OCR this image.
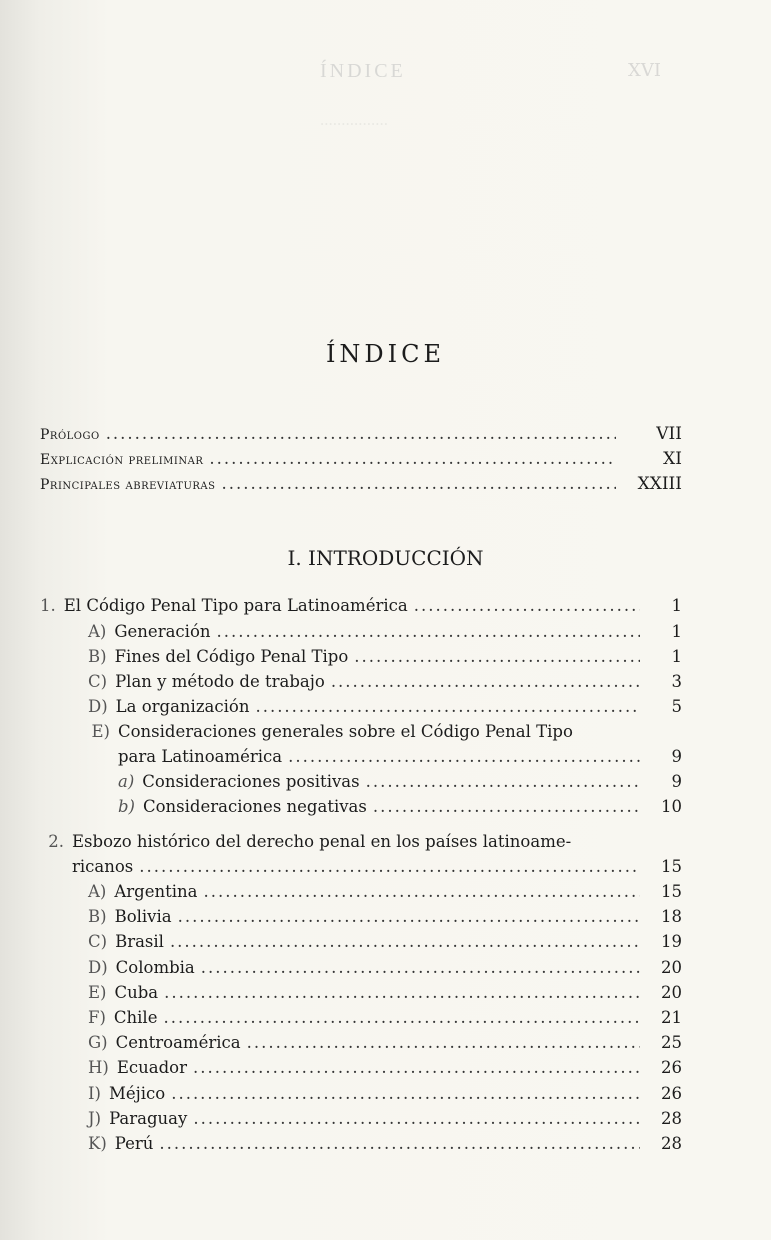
................
ÍNDICE	XVI
ÍNDICE
Prólogo .....	VII
Explicación preliminar .....	XI
Principales abreviaturas .....	XXIII
I. INTRODUCCIÓN
1. El Código Penal Tipo para Latinoamérica .....	1
A) Generación .....	1
B) Fines del Código Penal Tipo .....	1
C) Plan y método de trabajo .....	3
D) La organización .....	5
E) Consideraciones generales sobre el Código Penal Tipo
para Latinoamérica .....	9
a) Consideraciones positivas .....	9
b) Consideraciones negativas .....	10
2. Esbozo histórico del derecho penal en los países latinoame-
ricanos .....	15
A) Argentina .....	15
B) Bolivia .....	18
C) Brasil .....	19
D) Colombia .....	20
E) Cuba .....	20
F) Chile .....	21
G) Centroamérica .....	25
H) Ecuador .....	26
I) Méjico .....	26
J) Paraguay .....	28
K) Perú .....	28
